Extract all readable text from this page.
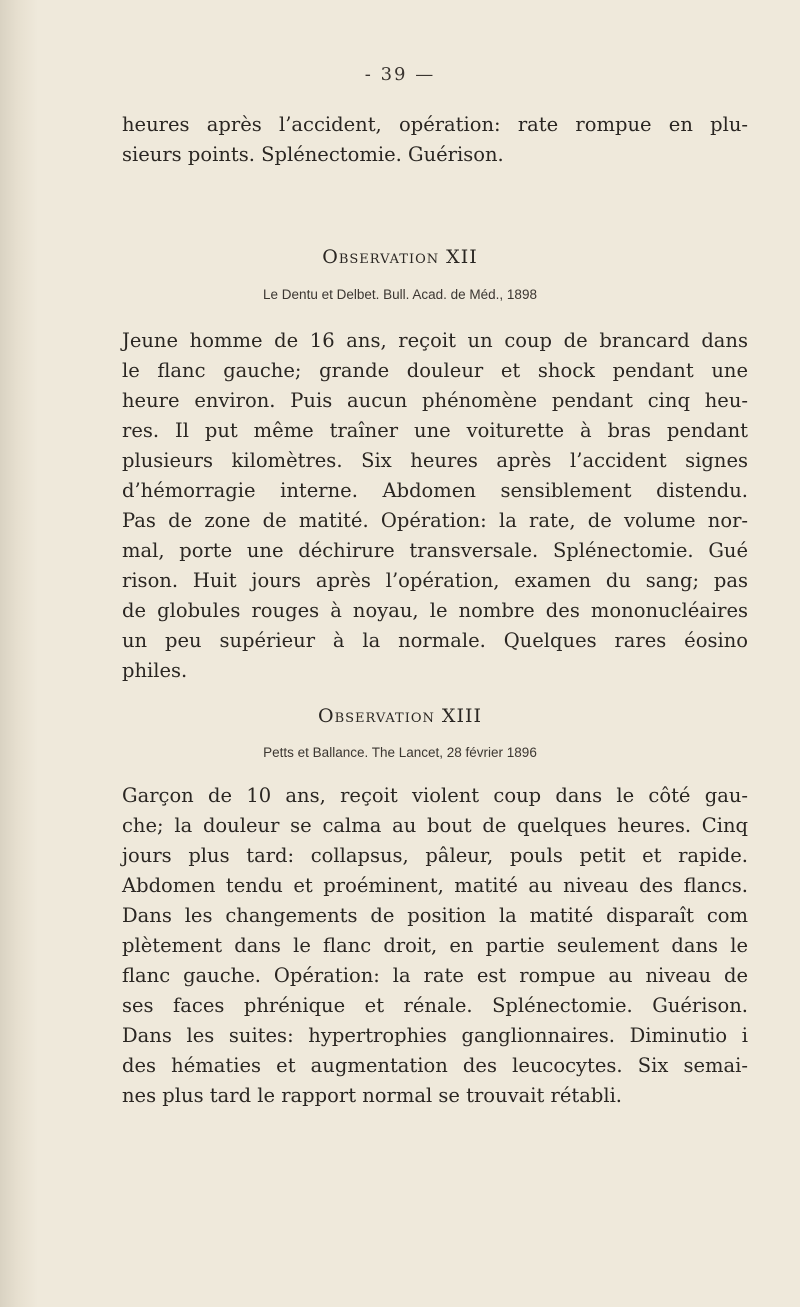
- 39 —

heures après l’accident, opération: rate rompue en plu-
sieurs points. Splénectomie. Guérison.

Observation XII
Le Dentu et Delbet. Bull. Acad. de Méd., 1898

Jeune homme de 16 ans, reçoit un coup de brancard dans
le flanc gauche; grande douleur et shock pendant une
heure environ. Puis aucun phénomène pendant cinq heu-
res. Il put même traîner une voiturette à bras pendant
plusieurs kilomètres. Six heures après l’accident signes
d’hémorragie interne. Abdomen sensiblement distendu.
Pas de zone de matité. Opération: la rate, de volume nor-
mal, porte une déchirure transversale. Splénectomie. Gué
rison. Huit jours après l’opération, examen du sang; pas
de globules rouges à noyau, le nombre des mononucléaires
un peu supérieur à la normale. Quelques rares éosino
philes.

Observation XIII
Petts et Ballance. The Lancet, 28 février 1896

Garçon de 10 ans, reçoit violent coup dans le côté gau-
che; la douleur se calma au bout de quelques heures. Cinq
jours plus tard: collapsus, pâleur, pouls petit et rapide.
Abdomen tendu et proéminent, matité au niveau des flancs.
Dans les changements de position la matité disparaît com
plètement dans le flanc droit, en partie seulement dans le
flanc gauche. Opération: la rate est rompue au niveau de
ses faces phrénique et rénale. Splénectomie. Guérison.
Dans les suites: hypertrophies ganglionnaires. Diminutio i
des hématies et augmentation des leucocytes. Six semai-
nes plus tard le rapport normal se trouvait rétabli.
